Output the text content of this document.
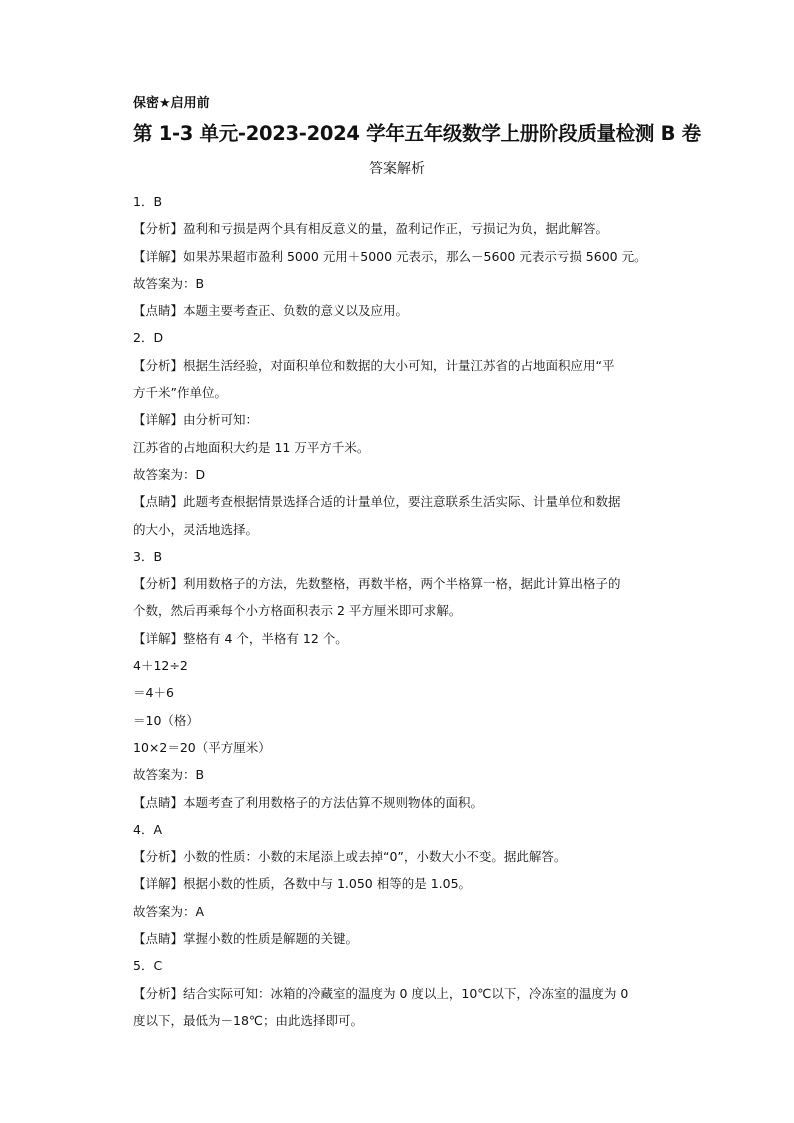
保密★启用前
第 1-3 单元-2023-2024 学年五年级数学上册阶段质量检测 B 卷
答案解析
1．B
【分析】盈利和亏损是两个具有相反意义的量，盈利记作正，亏损记为负，据此解答。
【详解】如果苏果超市盈利 5000 元用＋5000 元表示，那么－5600 元表示亏损 5600 元。
故答案为：B
【点睛】本题主要考查正、负数的意义以及应用。
2．D
【分析】根据生活经验，对面积单位和数据的大小可知，计量江苏省的占地面积应用“平
方千米”作单位。
【详解】由分析可知：
江苏省的占地面积大约是 11 万平方千米。
故答案为：D
【点睛】此题考查根据情景选择合适的计量单位，要注意联系生活实际、计量单位和数据
的大小，灵活地选择。
3．B
【分析】利用数格子的方法，先数整格，再数半格，两个半格算一格，据此计算出格子的
个数，然后再乘每个小方格面积表示 2 平方厘米即可求解。
【详解】整格有 4 个，半格有 12 个。
4＋12÷2
＝4＋6
＝10（格）
10×2＝20（平方厘米）
故答案为：B
【点睛】本题考查了利用数格子的方法估算不规则物体的面积。
4．A
【分析】小数的性质：小数的末尾添上或去掉“0”，小数大小不变。据此解答。
【详解】根据小数的性质，各数中与 1.050 相等的是 1.05。
故答案为：A
【点睛】掌握小数的性质是解题的关键。
5．C
【分析】结合实际可知：冰箱的冷藏室的温度为 0 度以上，10℃以下，冷冻室的温度为 0
度以下，最低为－18℃；由此选择即可。
